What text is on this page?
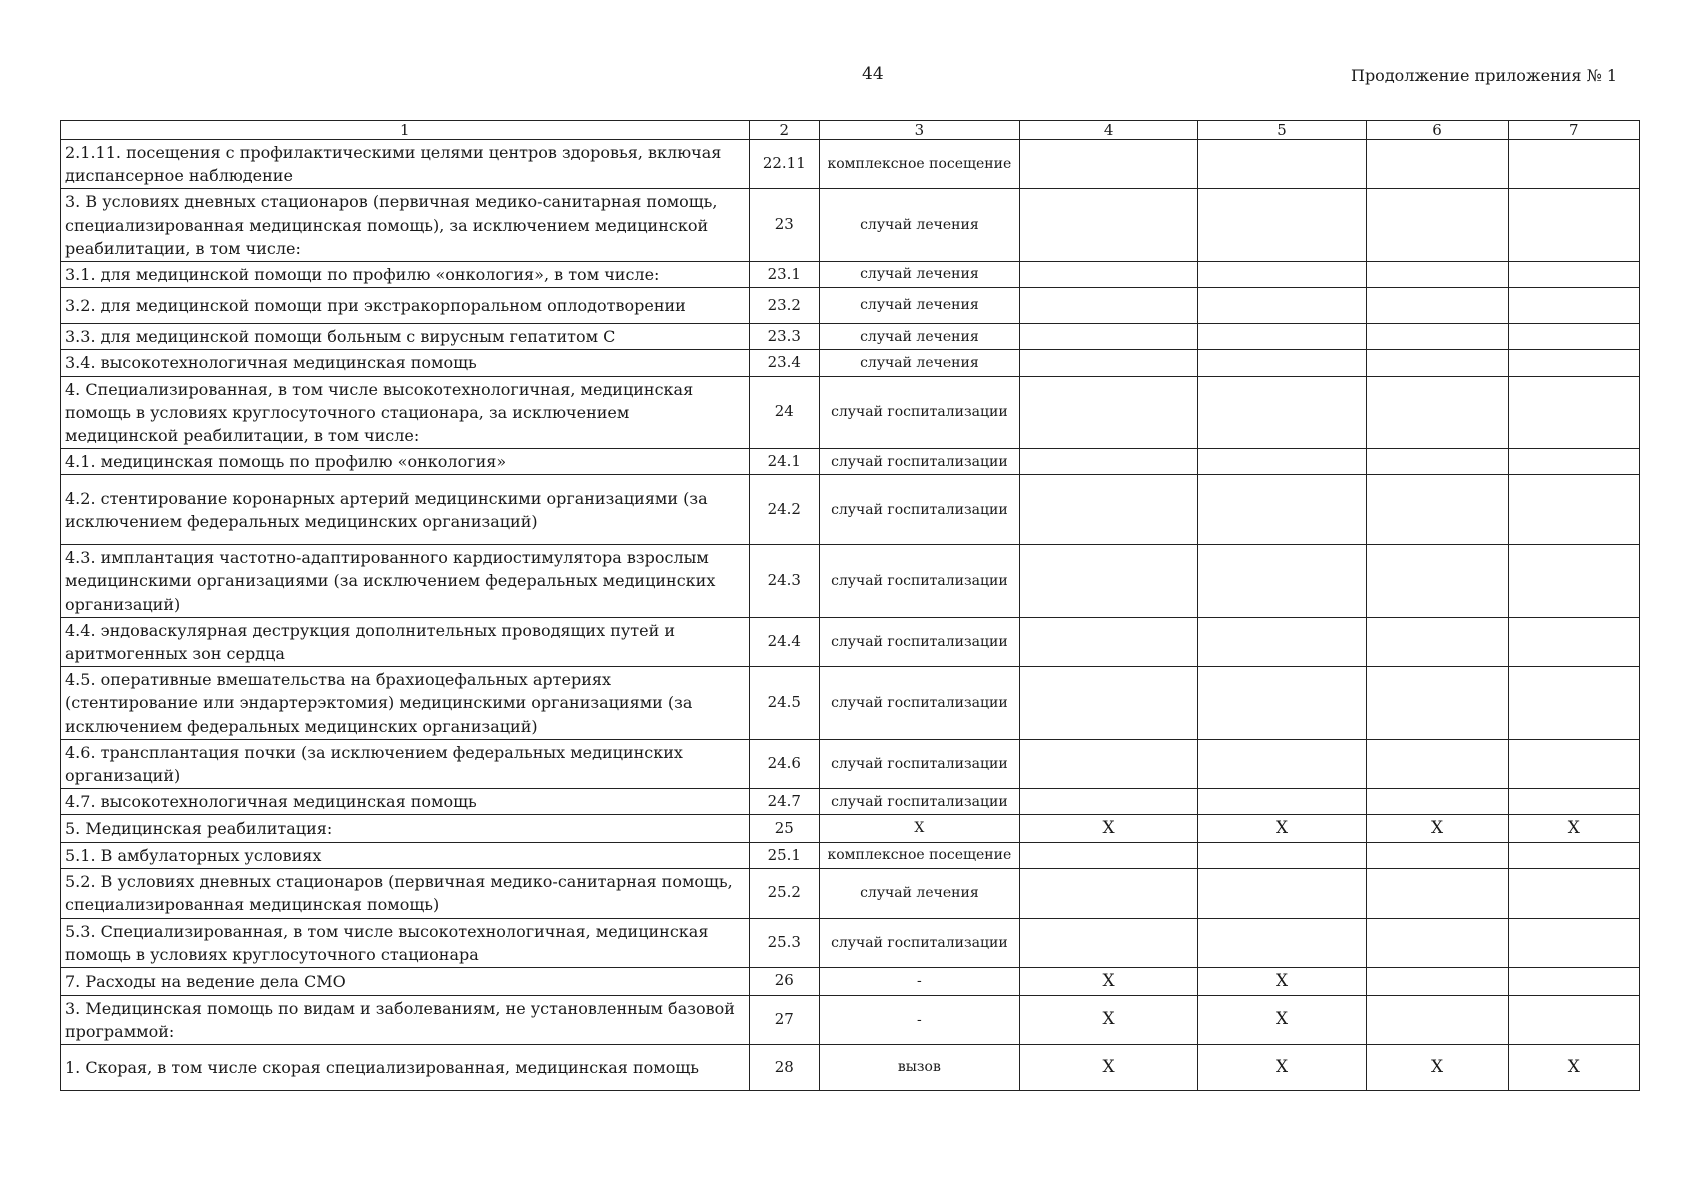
44	Продолжение приложения № 1
1	2	3	4	5	6	7
2.1.11. посещения с профилактическими целями центров здоровья, включая диспансерное наблюдение	22.11	комплексное посещение				
3. В условиях дневных стационаров (первичная медико-санитарная помощь, специализированная медицинская помощь), за исключением медицинской реабилитации, в том числе:	23	случай лечения				
3.1. для медицинской помощи по профилю «онкология», в том числе:	23.1	случай лечения				
3.2. для медицинской помощи при экстракорпоральном оплодотворении	23.2	случай лечения				
3.3. для медицинской помощи больным с вирусным гепатитом С	23.3	случай лечения				
3.4. высокотехнологичная медицинская помощь	23.4	случай лечения				
4. Специализированная, в том числе высокотехнологичная, медицинская помощь в условиях круглосуточного стационара, за исключением медицинской реабилитации, в том числе:	24	случай госпитализации				
4.1. медицинская помощь по профилю «онкология»	24.1	случай госпитализации				
4.2. стентирование коронарных артерий медицинскими организациями (за исключением федеральных медицинских организаций)	24.2	случай госпитализации				
4.3. имплантация частотно-адаптированного кардиостимулятора взрослым медицинскими организациями (за исключением федеральных медицинских организаций)	24.3	случай госпитализации				
4.4. эндоваскулярная деструкция дополнительных проводящих путей и аритмогенных зон сердца	24.4	случай госпитализации				
4.5. оперативные вмешательства на брахиоцефальных артериях (стентирование или эндартерэктомия) медицинскими организациями (за исключением федеральных медицинских организаций)	24.5	случай госпитализации				
4.6. трансплантация почки (за исключением федеральных медицинских организаций)	24.6	случай госпитализации				
4.7. высокотехнологичная медицинская помощь	24.7	случай госпитализации				
5. Медицинская реабилитация:	25	X	X	X	X	X
5.1. В амбулаторных условиях	25.1	комплексное посещение				
5.2. В условиях дневных стационаров (первичная медико-санитарная помощь, специализированная медицинская помощь)	25.2	случай лечения				
5.3. Специализированная, в том числе высокотехнологичная, медицинская помощь в условиях круглосуточного стационара	25.3	случай госпитализации				
7. Расходы на ведение дела СМО	26	-	X	X		
3. Медицинская помощь по видам и заболеваниям, не установленным базовой программой:	27	-	X	X		
1. Скорая, в том числе скорая специализированная, медицинская помощь	28	вызов	X	X	X	X
